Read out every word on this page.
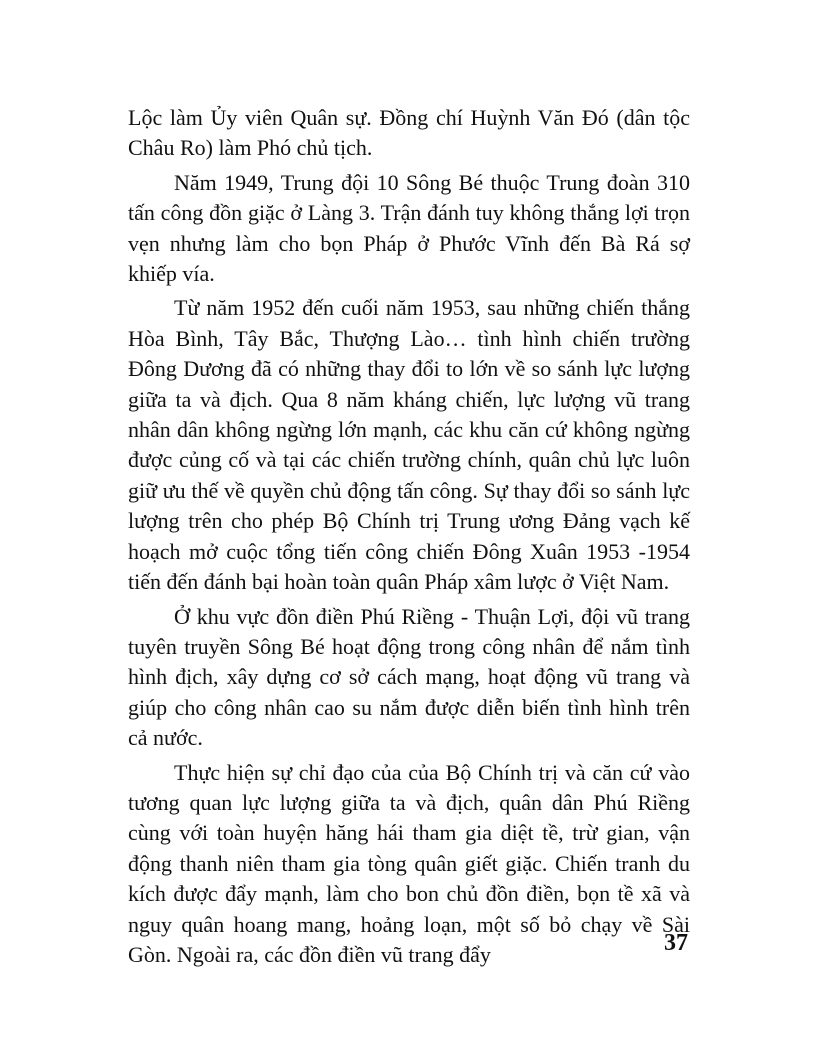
Lộc làm Ủy viên Quân sự. Đồng chí Huỳnh Văn Đó (dân tộc Châu Ro) làm Phó chủ tịch.

Năm 1949, Trung đội 10 Sông Bé thuộc Trung đoàn 310 tấn công đồn giặc ở Làng 3. Trận đánh tuy không thắng lợi trọn vẹn nhưng làm cho bọn Pháp ở Phước Vĩnh đến Bà Rá sợ khiếp vía.

Từ năm 1952 đến cuối năm 1953, sau những chiến thắng Hòa Bình, Tây Bắc, Thượng Lào… tình hình chiến trường Đông Dương đã có những thay đổi to lớn về so sánh lực lượng giữa ta và địch. Qua 8 năm kháng chiến, lực lượng vũ trang nhân dân không ngừng lớn mạnh, các khu căn cứ không ngừng được củng cố và tại các chiến trường chính, quân chủ lực luôn giữ ưu thế về quyền chủ động tấn công. Sự thay đổi so sánh lực lượng trên cho phép Bộ Chính trị Trung ương Đảng vạch kế hoạch mở cuộc tổng tiến công chiến Đông Xuân 1953 -1954 tiến đến đánh bại hoàn toàn quân Pháp xâm lược ở Việt Nam.

Ở khu vực đồn điền Phú Riềng - Thuận Lợi, đội vũ trang tuyên truyền Sông Bé hoạt động trong công nhân để nắm tình hình địch, xây dựng cơ sở cách mạng, hoạt động vũ trang và giúp cho công nhân cao su nắm được diễn biến tình hình trên cả nước.

Thực hiện sự chỉ đạo của của Bộ Chính trị và căn cứ vào tương quan lực lượng giữa ta và địch, quân dân Phú Riềng cùng với toàn huyện hăng hái tham gia diệt tề, trừ gian, vận động thanh niên tham gia tòng quân giết giặc. Chiến tranh du kích được đẩy mạnh, làm cho bon chủ đồn điền, bọn tề xã và nguy quân hoang mang, hoảng loạn, một số bỏ chạy về Sài Gòn. Ngoài ra, các đồn điền vũ trang đẩy	37
